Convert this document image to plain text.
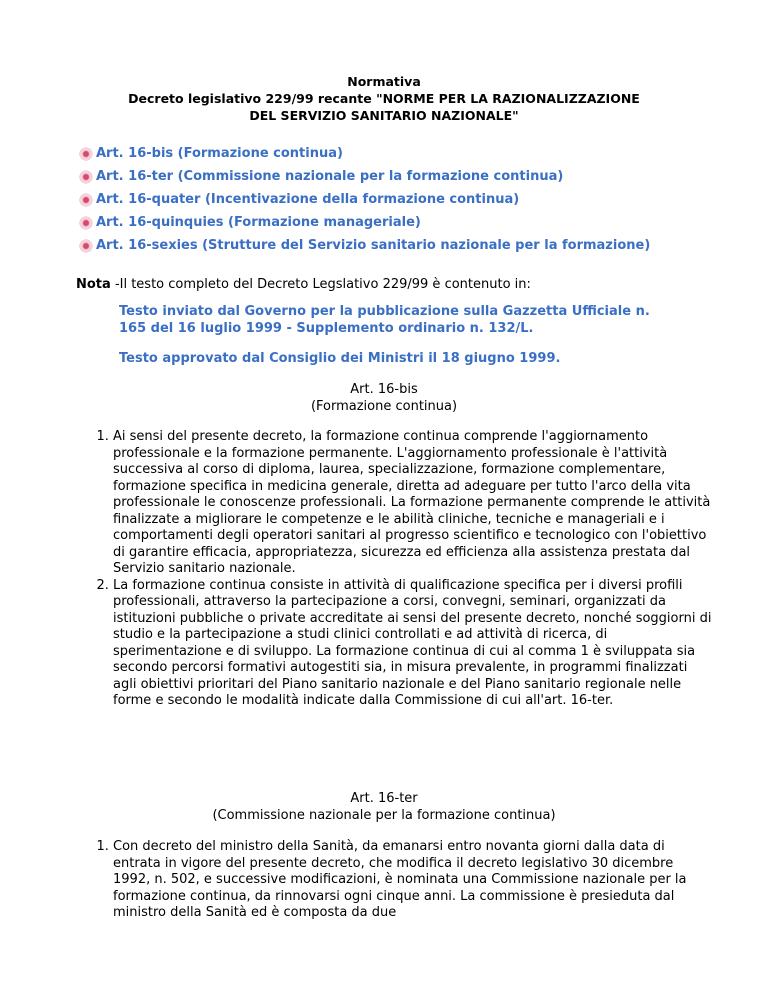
Normativa
Decreto legislativo 229/99 recante "NORME PER LA RAZIONALIZZAZIONE
DEL SERVIZIO SANITARIO NAZIONALE"
Art. 16-bis (Formazione continua)
Art. 16-ter (Commissione nazionale per la formazione continua)
Art. 16-quater (Incentivazione della formazione continua)
Art. 16-quinquies (Formazione manageriale)
Art. 16-sexies (Strutture del Servizio sanitario nazionale per la formazione)
Nota -Il testo completo del Decreto Legslativo 229/99 è contenuto in:

Testo inviato dal Governo per la pubblicazione sulla Gazzetta Ufficiale n. 165 del 16 luglio 1999 - Supplemento ordinario n. 132/L.

Testo approvato dal Consiglio dei Ministri il 18 giugno 1999.

Art. 16-bis
(Formazione continua)
1. Ai sensi del presente decreto, la formazione continua comprende l'aggiornamento professionale e la formazione permanente. L'aggiornamento professionale è l'attività successiva al corso di diploma, laurea, specializzazione, formazione complementare, formazione specifica in medicina generale, diretta ad adeguare per tutto l'arco della vita professionale le conoscenze professionali. La formazione permanente comprende le attività finalizzate a migliorare le competenze e le abilità cliniche, tecniche e manageriali e i comportamenti degli operatori sanitari al progresso scientifico e tecnologico con l'obiettivo di garantire efficacia, appropriatezza, sicurezza ed efficienza alla assistenza prestata dal Servizio sanitario nazionale.
2. La formazione continua consiste in attività di qualificazione specifica per i diversi profili professionali, attraverso la partecipazione a corsi, convegni, seminari, organizzati da istituzioni pubbliche o private accreditate ai sensi del presente decreto, nonché soggiorni di studio e la partecipazione a studi clinici controllati e ad attività di ricerca, di sperimentazione e di sviluppo. La formazione continua di cui al comma 1 è sviluppata sia secondo percorsi formativi autogestiti sia, in misura prevalente, in programmi finalizzati agli obiettivi prioritari del Piano sanitario nazionale e del Piano sanitario regionale nelle forme e secondo le modalità indicate dalla Commissione di cui all'art. 16-ter.
Art. 16-ter
(Commissione nazionale per la formazione continua)
1. Con decreto del ministro della Sanità, da emanarsi entro novanta giorni dalla data di entrata in vigore del presente decreto, che modifica il decreto legislativo 30 dicembre 1992, n. 502, e successive modificazioni, è nominata una Commissione nazionale per la formazione continua, da rinnovarsi ogni cinque anni. La commissione è presieduta dal ministro della Sanità ed è composta da due
